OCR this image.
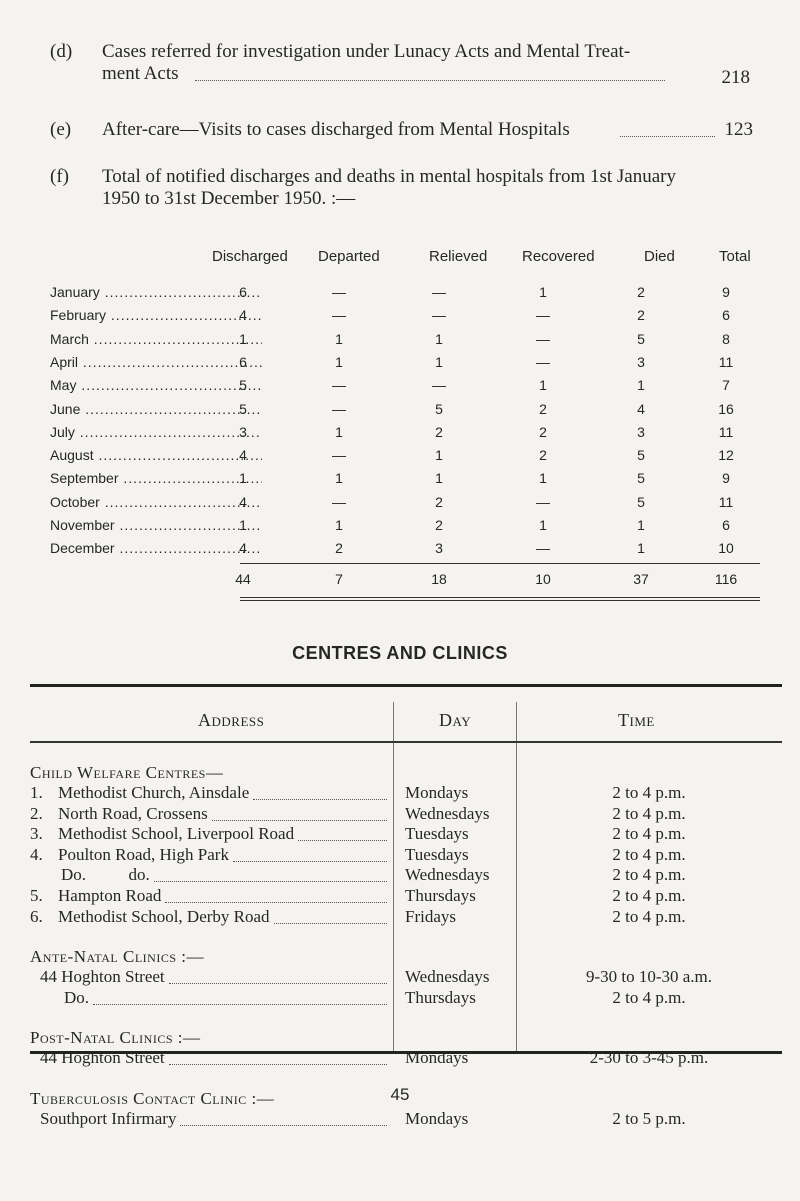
(d) Cases referred for investigation under Lunacy Acts and Mental Treat-
ment Acts	218
(e) After-care—Visits to cases discharged from Mental Hospitals	123
(f) Total of notified discharges and deaths in mental hospitals from 1st January
1950 to 31st December 1950. :—
Discharged Departed	Relieved Recovered	Died	Total
January .....	6	—	—	1	2	9
February .....	4	—	—	—	2	6
March .....	1	1	1	—	5	8
April .....	6	1	1	—	3	11
May .....	5	—	—	1	1	7
June .....	5	—	5	2	4	16
July .....	3	1	2	2	3	11
August .....	4	—	1	2	5	12
September .....	1	1	1	1	5	9
October .....	4	—	2	—	5	11
November .....	1	1	2	1	1	6
December .....	4	2	3	—	1	10
44	7	18	10	37	116
CENTRES AND CLINICS
Address	Day	Time
Child Welfare Centres—
1. Methodist Church, Ainsdale	Mondays	2 to 4 p.m.
2. North Road, Crossens	Wednesdays	2 to 4 p.m.
3. Methodist School, Liverpool Road	Tuesdays	2 to 4 p.m.
4. Poulton Road, High Park	Tuesdays	2 to 4 p.m.
Do.          do.	Wednesdays	2 to 4 p.m.
5. Hampton Road	Thursdays	2 to 4 p.m.
6. Methodist School, Derby Road	Fridays	2 to 4 p.m.
Ante-Natal Clinics :—
44 Hoghton Street	Wednesdays	9-30 to 10-30 a.m.
Do.	Thursdays	2 to 4 p.m.
Post-Natal Clinics :—
44 Hoghton Street	Mondays	2-30 to 3-45 p.m.
Tuberculosis Contact Clinic :—
Southport Infirmary	Mondays	2 to 5 p.m.
45
